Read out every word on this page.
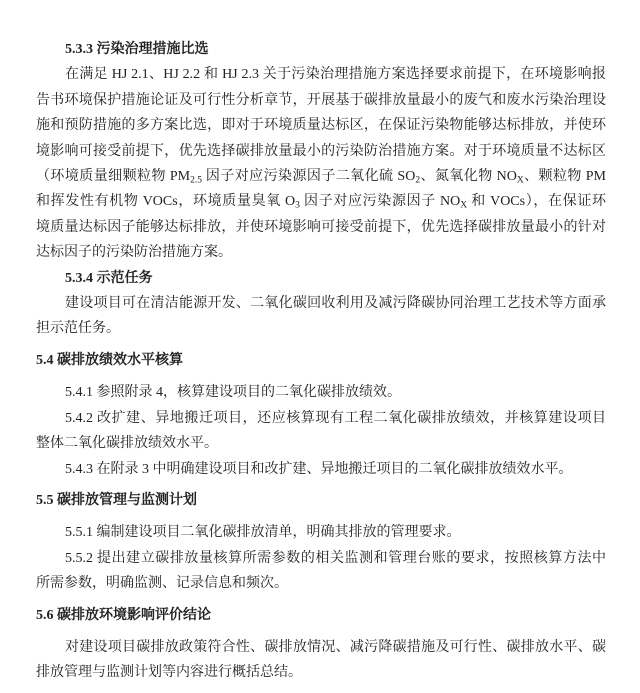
5.3.3 污染治理措施比选
在满足 HJ 2.1、HJ 2.2 和 HJ 2.3 关于污染治理措施方案选择要求前提下，在环境影响报
告书环境保护措施论证及可行性分析章节，开展基于碳排放量最小的废气和废水污染治理设
施和预防措施的多方案比选，即对于环境质量达标区，在保证污染物能够达标排放，并使环
境影响可接受前提下，优先选择碳排放量最小的污染防治措施方案。对于环境质量不达标区
（环境质量细颗粒物 $PM_{2.5}$ 因子对应污染源因子二氧化硫 $SO_2$、氮氧化物 $NO_X$、颗粒物 PM
和挥发性有机物 VOCs，环境质量臭氧 $O_3$ 因子对应污染源因子 $NO_X$ 和 VOCs），在保证环
境质量达标因子能够达标排放，并使环境影响可接受前提下，优先选择碳排放量最小的针对
达标因子的污染防治措施方案。
5.3.4 示范任务
建设项目可在清洁能源开发、二氧化碳回收利用及减污降碳协同治理工艺技术等方面承
担示范任务。
5.4 碳排放绩效水平核算
5.4.1 参照附录 4，核算建设项目的二氧化碳排放绩效。
5.4.2 改扩建、异地搬迁项目，还应核算现有工程二氧化碳排放绩效，并核算建设项目
整体二氧化碳排放绩效水平。
5.4.3 在附录 3 中明确建设项目和改扩建、异地搬迁项目的二氧化碳排放绩效水平。
5.5 碳排放管理与监测计划
5.5.1 编制建设项目二氧化碳排放清单，明确其排放的管理要求。
5.5.2 提出建立碳排放量核算所需参数的相关监测和管理台账的要求，按照核算方法中
所需参数，明确监测、记录信息和频次。
5.6 碳排放环境影响评价结论
对建设项目碳排放政策符合性、碳排放情况、减污降碳措施及可行性、碳排放水平、碳
排放管理与监测计划等内容进行概括总结。
